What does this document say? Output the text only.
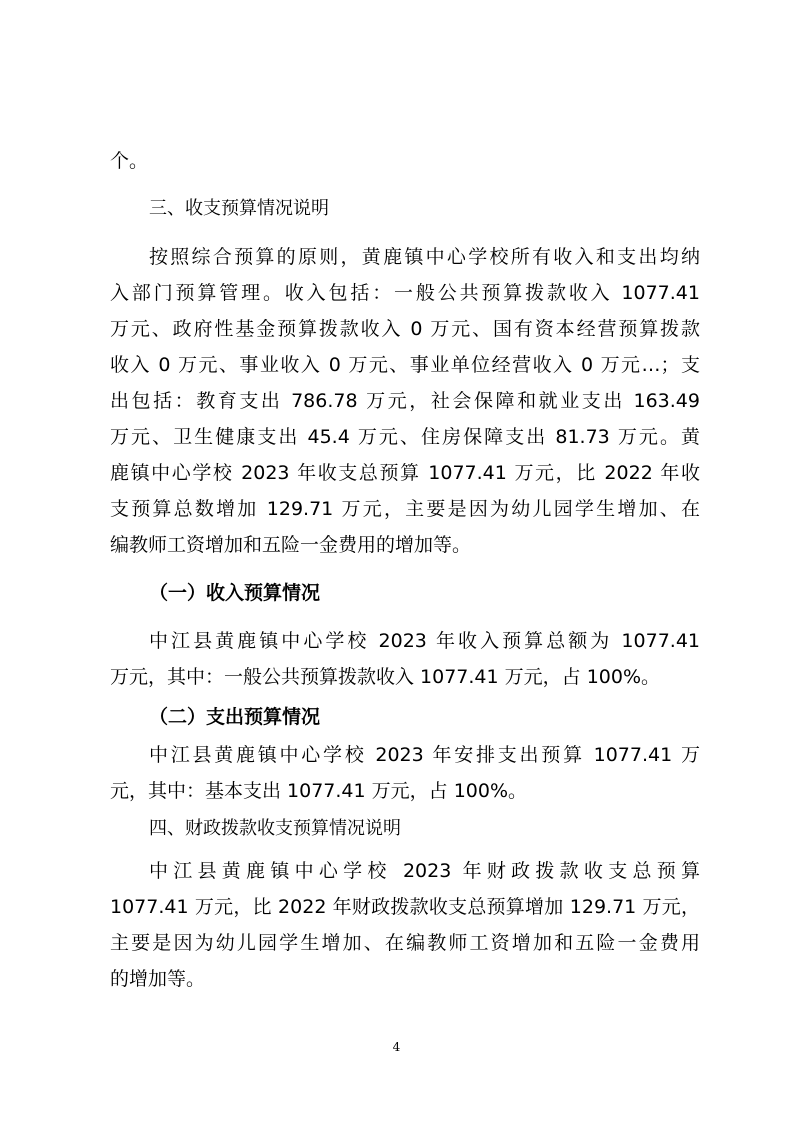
个。
三、收支预算情况说明
按照综合预算的原则，黄鹿镇中心学校所有收入和支出均纳
入部门预算管理。收入包括：一般公共预算拨款收入 1077.41
万元、政府性基金预算拨款收入 0 万元、国有资本经营预算拨款
收入 0 万元、事业收入 0 万元、事业单位经营收入 0 万元…；支
出包括：教育支出 786.78 万元，社会保障和就业支出 163.49
万元、卫生健康支出 45.4 万元、住房保障支出 81.73 万元。黄
鹿镇中心学校 2023 年收支总预算 1077.41 万元，比 2022 年收
支预算总数增加 129.71 万元，主要是因为幼儿园学生增加、在
编教师工资增加和五险一金费用的增加等。
（一）收入预算情况
中江县黄鹿镇中心学校 2023 年收入预算总额为 1077.41
万元，其中：一般公共预算拨款收入 1077.41 万元，占 100%。
（二）支出预算情况
中江县黄鹿镇中心学校 2023 年安排支出预算 1077.41 万
元，其中：基本支出 1077.41 万元，占 100%。
四、财政拨款收支预算情况说明
中江县黄鹿镇中心学校 2023 年财政拨款收支总预算
1077.41 万元，比 2022 年财政拨款收支总预算增加 129.71 万元，
主要是因为幼儿园学生增加、在编教师工资增加和五险一金费用
的增加等。
4
